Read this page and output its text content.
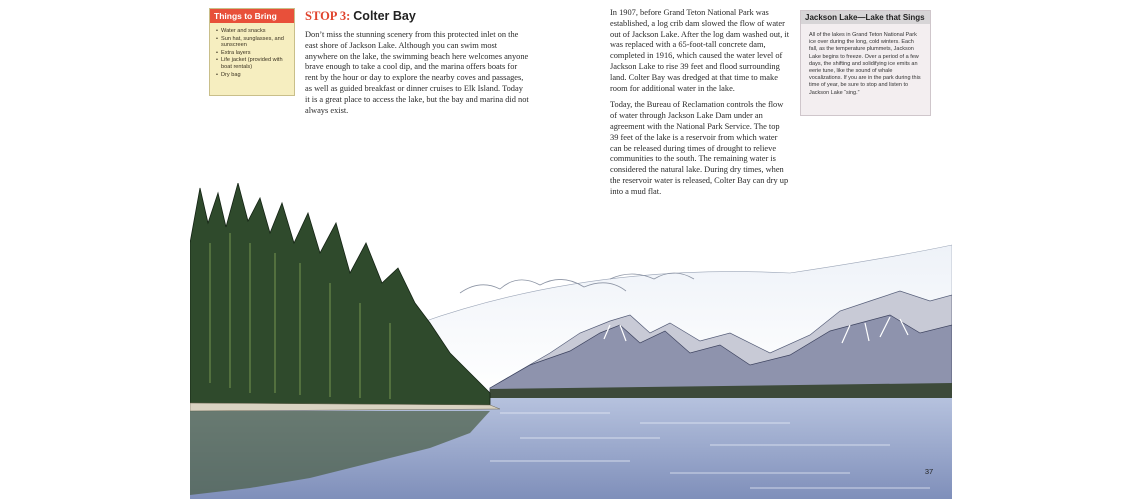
Things to Bring
• Water and snacks
• Sun hat, sunglasses, and sunscreen
• Extra layers
• Life jacket (provided with boat rentals)
• Dry bag
STOP 3: Colter Bay

Don’t miss the stunning scenery from this protected inlet on the east shore of Jackson Lake. Although you can swim most anywhere on the lake, the swimming beach here welcomes anyone brave enough to take a cool dip, and the marina offers boats for rent by the hour or day to explore the nearby coves and passages, as well as guided breakfast or dinner cruises to Elk Island. Today it is a great place to access the lake, but the bay and marina did not always exist.

In 1907, before Grand Teton National Park was established, a log crib dam slowed the flow of water out of Jackson Lake. After the log dam washed out, it was replaced with a 65-foot-tall concrete dam, completed in 1916, which caused the water level of Jackson Lake to rise 39 feet and flood surrounding land. Colter Bay was dredged at that time to make room for additional water in the lake.

Today, the Bureau of Reclamation controls the flow of water through Jackson Lake Dam under an agreement with the National Park Service. The top 39 feet of the lake is a reservoir from which water can be released during times of drought to relieve communities to the south. The remaining water is considered the natural lake. During dry times, when the reservoir water is released, Colter Bay can dry up into a mud flat.

Jackson Lake—Lake that Sings
All of the lakes in Grand Teton National Park ice over during the long, cold winters. Each fall, as the temperature plummets, Jackson Lake begins to freeze. Over a period of a few days, the shifting and solidifying ice emits an eerie tune, like the sound of whale vocalizations. If you are in the park during this time of year, be sure to stop and listen to Jackson Lake “sing.”
37
